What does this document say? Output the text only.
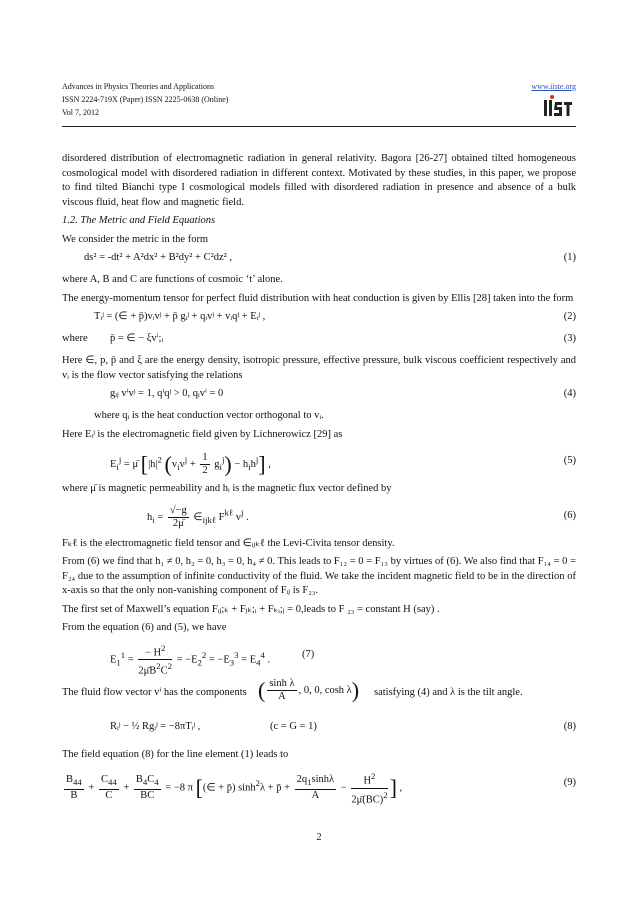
Advances in Physics Theories and Applications
ISSN 2224-719X (Paper) ISSN 2225-0638 (Online)
Vol 7, 2012
www.iiste.org

disordered distribution of electromagnetic radiation in general relativity. Bagora [26-27] obtained tilted homogeneous cosmological model with disordered radiation in different context. Motivated by these studies, in this paper, we propose to find tilted Bianchi type I cosmological models filled with disordered radiation in presence and absence of a bulk viscous fluid, heat flow and magnetic field.

1.2. The Metric and Field Equations

We consider the metric in the form

ds² = -dt² + A²dx² + B²dy² + C²dz² ,	(1)

where A, B and C are functions of cosmoic ‘t’ alone.

The energy-momentum tensor for perfect fluid distribution with heat conduction is given by Ellis [28] taken into the form

Tᵢʲ = (∈ + p̄)vᵢvʲ + p̄ gᵢʲ + qᵢvʲ + vᵢqʲ + Eᵢʲ ,	(2)
where p̄ = ∈ − ξvⁱ;ᵢ	(3)

Here ∈, p, p̄ and ξ are the energy density, isotropic pressure, effective pressure, bulk viscous coefficient respectively and vᵢ is the flow vector satisfying the relations

gᵢⱼ vⁱvʲ = 1, qⁱqʲ > 0, qᵢvⁱ = 0	(4)

where qᵢ is the heat conduction vector orthogonal to vᵢ.

Here Eᵢʲ is the electromagnetic field given by Lichnerowicz [29] as

$E_i^j$ = μ̄ [$|h|^2$ $(v_iv^j + \frac{1}{2} g_i^j) - h_ih^j$] ,	(5)

where μ̄ is magnetic permeability and hᵢ is the magnetic flux vector defined by

$h_i = \frac{√-g}{2\mū}$ $\in_{ijk\ell}$ $F^{k\ell}$ $v^j$ .	(6)

Fₖℓ is the electromagnetic field tensor and ∈ᵢⱼₖℓ the Levi-Civita tensor density.

From (6) we find that h₁ ≠ 0, h₂ = 0, h₃ = 0, h₄ ≠ 0. This leads to F₁₂ = 0 = F₁₃ by virtues of (6). We also find that F₁₄ = 0 = F₂₄ due to the assumption of infinite conductivity of the fluid. We take the incident magnetic field to be in the direction of x-axis so that the only non-vanishing component of Fᵢⱼ is F₂₃.

The first set of Maxwell’s equation Fᵢⱼ;ₖ + Fⱼₖ;ᵢ + Fₖᵢ;ⱼ = 0,leads to F ₂₃ = constant H (say) .

From the equation (6) and (5), we have

$E_1^1 = \frac{- H^2}{2\mūB^2C^2} = -E_2^2 = -E_3^3 = E_4^4$ .	(7)
The fluid flow vector vⁱ has the components ( $\frac{\text{sinh λ}}{A}$ , 0, 0, cosh λ) satisfying (4) and λ is the tilt angle.
Rᵢʲ − ½ Rgᵢʲ = −8πTᵢʲ ,	(c = G = 1)	(8)

The field equation (8) for the line element (1) leads to

$\frac{B_{44}}{B} + \frac{C_{44}}{C} + \frac{B_4C_4}{BC} = -8$ π [(∈ + p̄) $\sinh^2\lambda$ + p̄ + $\frac{2q_1\sinh\lambda}{A} - \frac{H^2}{2\mū(BC)^2}$ ] ,	(9)
2
